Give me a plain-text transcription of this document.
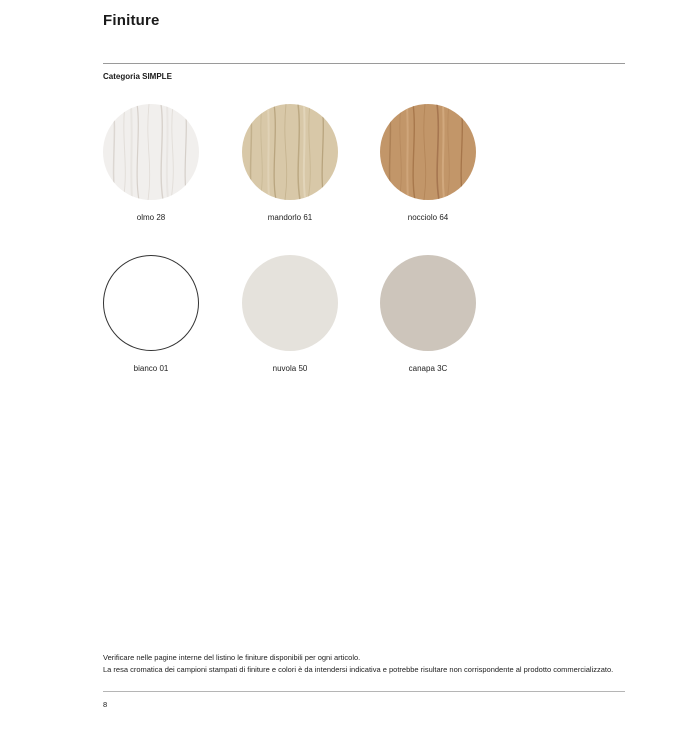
Finiture
Categoria SIMPLE
olmo 28	mandorlo 61	nocciolo 64
bianco 01	nuvola 50	canapa 3C
Verificare nelle pagine interne del listino le finiture disponibili per ogni articolo.
La resa cromatica dei campioni stampati di finiture e colori è da intendersi indicativa e potrebbe risultare non corrispondente al prodotto commercializzato.
8
